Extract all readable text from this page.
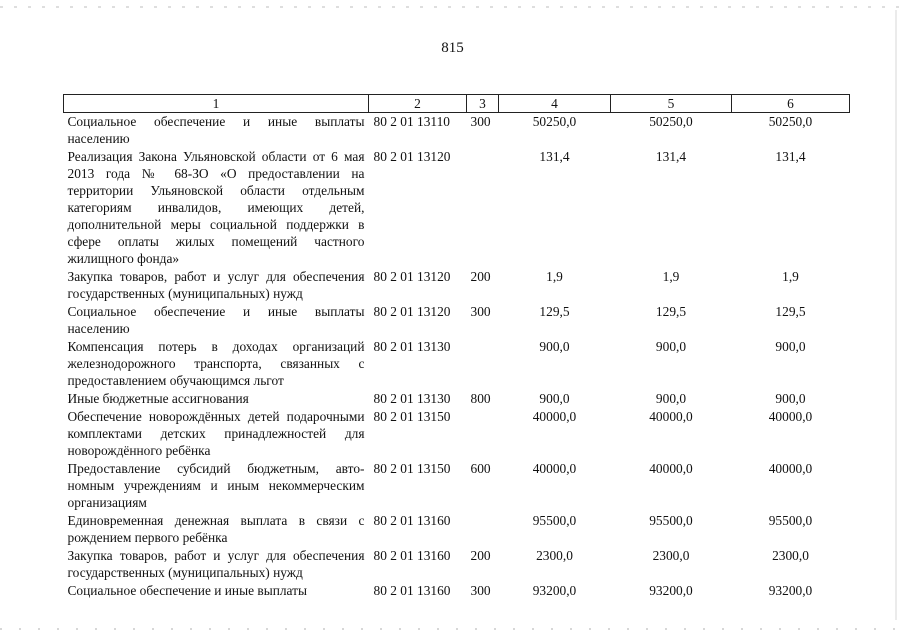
815
1	2	3	4	5	6
Социальное обеспечение и иные выплаты населению	80 2 01 13110	300	50250,0	50250,0	50250,0
Реализация Закона Ульяновской области от 6 мая 2013 года № 68-ЗО «О предоставлении на территории Ульяновской области отдельным категориям инвалидов, имеющих детей, дополнительной меры социальной поддержки в сфере оплаты жилых помещений частного жилищного фонда»	80 2 01 13120		131,4	131,4	131,4
Закупка товаров, работ и услуг для обеспечения государственных (муниципальных) нужд	80 2 01 13120	200	1,9	1,9	1,9
Социальное обеспечение и иные выплаты населению	80 2 01 13120	300	129,5	129,5	129,5
Компенсация потерь в доходах организаций железнодорожного транспорта, связанных с предоставлением обучающимся льгот	80 2 01 13130		900,0	900,0	900,0
Иные бюджетные ассигнования	80 2 01 13130	800	900,0	900,0	900,0
Обеспечение новорождённых детей подарочными комплектами детских принадлежностей для новорождённого ребёнка	80 2 01 13150		40000,0	40000,0	40000,0
Предоставление субсидий бюджетным, автономным учреждениям и иным некоммерческим организациям	80 2 01 13150	600	40000,0	40000,0	40000,0
Единовременная денежная выплата в связи с рождением первого ребёнка	80 2 01 13160		95500,0	95500,0	95500,0
Закупка товаров, работ и услуг для обеспечения государственных (муниципальных) нужд	80 2 01 13160	200	2300,0	2300,0	2300,0
Социальное обеспечение и иные выплаты	80 2 01 13160	300	93200,0	93200,0	93200,0
